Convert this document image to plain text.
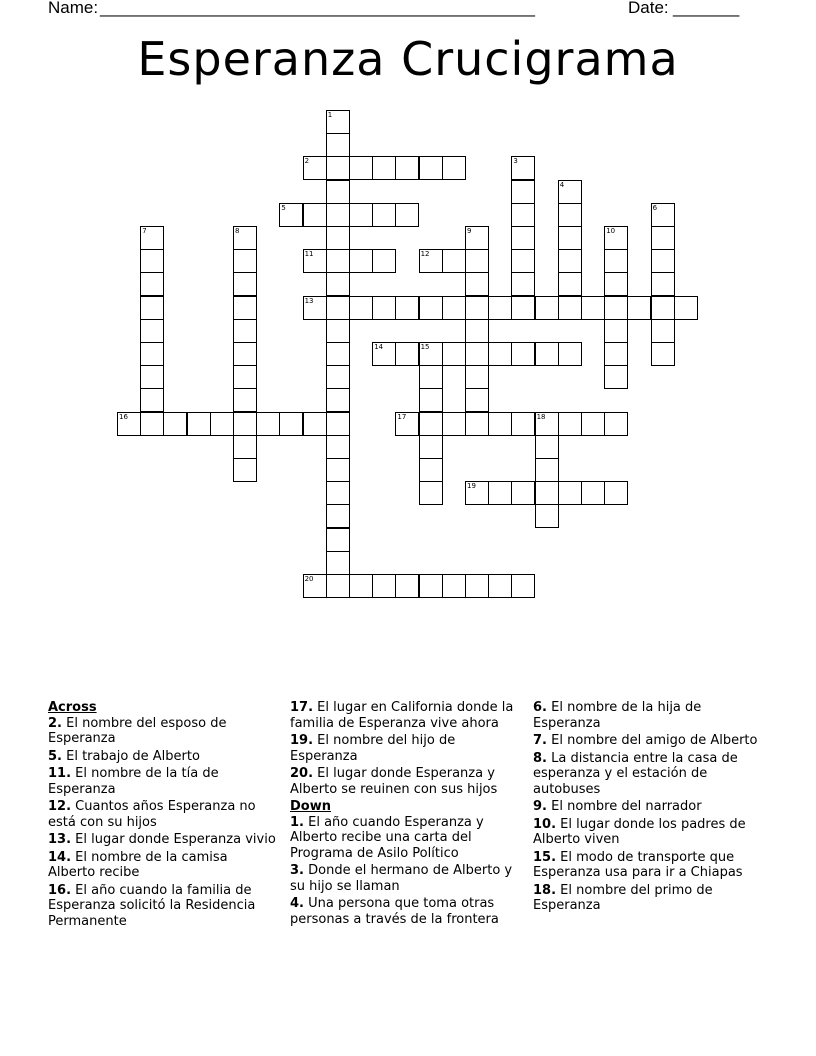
Name: ______________________________________________	Date: _______
Esperanza Crucigrama
1
2	3
4
5	6
7	8	9	10
11	12
13
14	15
16	17	18
19
20

Across

2. El nombre del esposo de Esperanza

5. El trabajo de Alberto

11. El nombre de la tía de Esperanza

12. Cuantos años Esperanza no está con su hijos

13. El lugar donde Esperanza vivio

14. El nombre de la camisa Alberto recibe

16. El año cuando la familia de Esperanza solicitó la Residencia Permanente

17. El lugar en California donde la familia de Esperanza vive ahora

19. El nombre del hijo de Esperanza

20. El lugar donde Esperanza y Alberto se reuinen con sus hijos

Down

1. El año cuando Esperanza y Alberto recibe una carta del Programa de Asilo Político

3. Donde el hermano de Alberto y su hijo se llaman

4. Una persona que toma otras personas a través de la frontera

6. El nombre de la hija de Esperanza

7. El nombre del amigo de Alberto

8. La distancia entre la casa de esperanza y el estación de autobuses

9. El nombre del narrador

10. El lugar donde los padres de Alberto viven

15. El modo de transporte que Esperanza usa para ir a Chiapas

18. El nombre del primo de Esperanza
